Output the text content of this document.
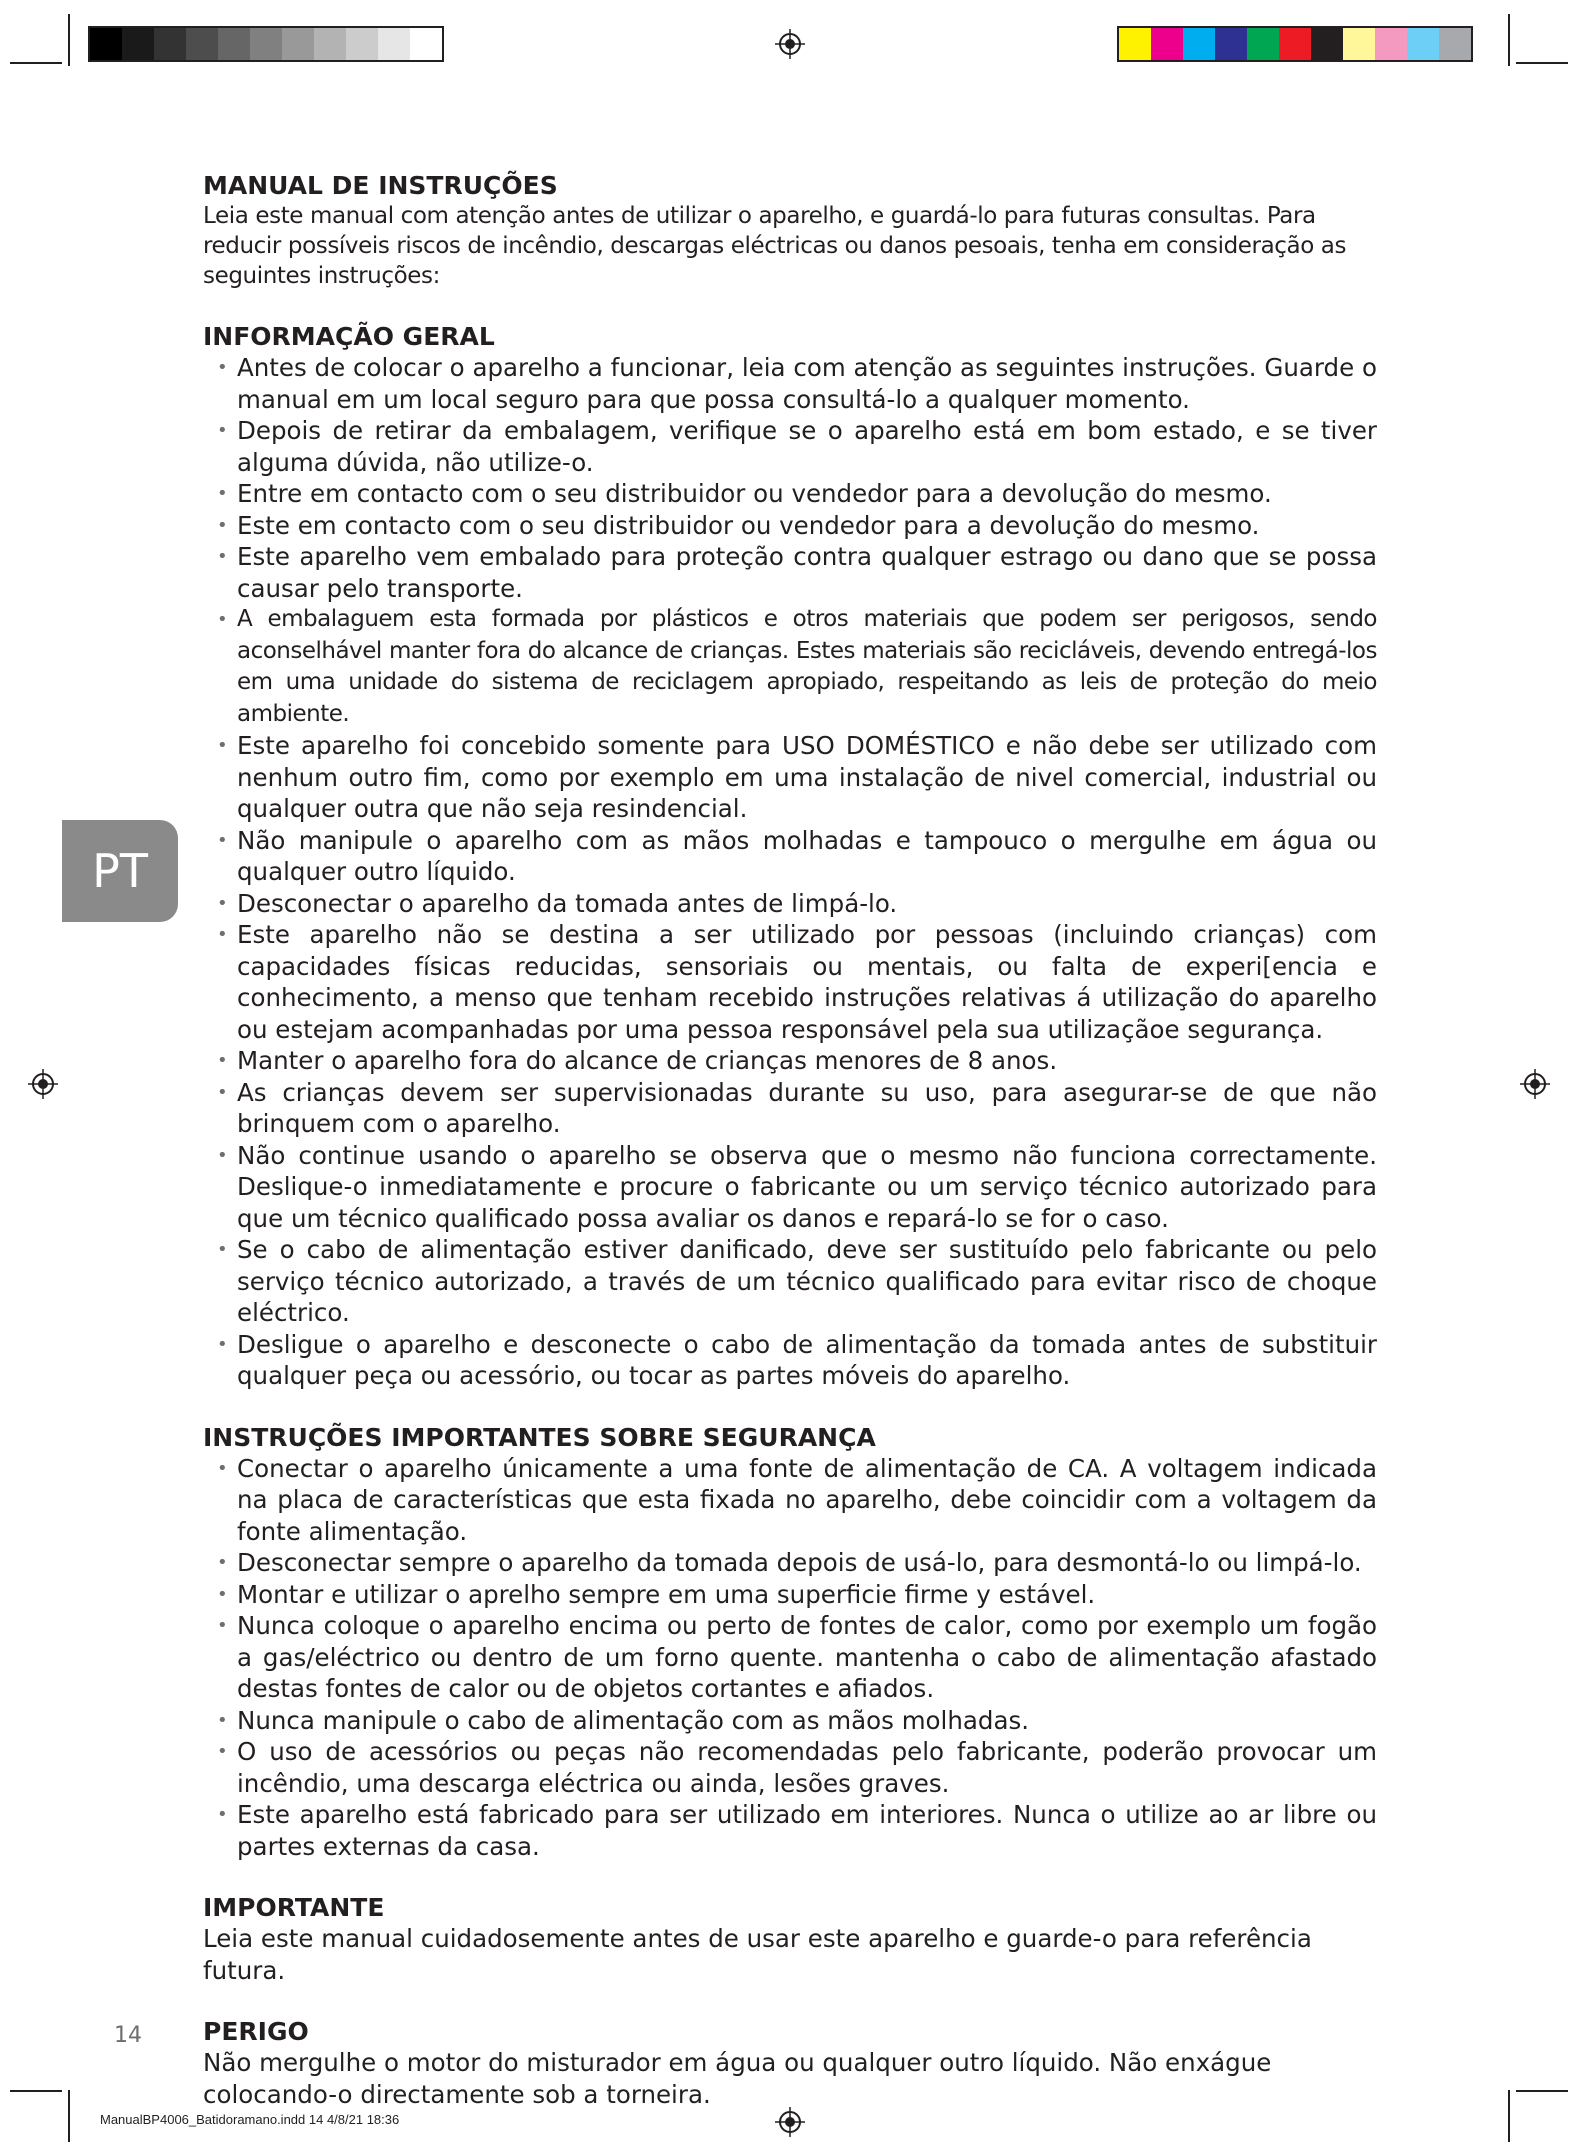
PT
MANUAL DE INSTRUÇÕES

Leia este manual com atenção antes de utilizar o aparelho, e guardá-lo para futuras consultas. Para reducir possíveis riscos de incêndio, descargas eléctricas ou danos pesoais, tenha em consideração as seguintes instruções:

INFORMAÇÃO GERAL
• Antes de colocar o aparelho a funcionar, leia com atenção as seguintes instruções. Guarde o manual em um local seguro para que possa consultá-lo a qualquer momento.
• Depois de retirar da embalagem, verifique se o aparelho está em bom estado, e se tiver alguma dúvida, não utilize-o.
• Entre em contacto com o seu distribuidor ou vendedor para a devolução do mesmo.
• Este em contacto com o seu distribuidor ou vendedor para a devolução do mesmo.
• Este aparelho vem embalado para proteção contra qualquer estrago ou dano que se possa causar pelo transporte.
• A embalaguem esta formada por plásticos e otros materiais que podem ser perigosos, sendo aconselhável manter fora do alcance de crianças. Estes materiais são recicláveis, devendo entregá-los em uma unidade do sistema de reciclagem apropiado, respeitando as leis de proteção do meio ambiente.
• Este aparelho foi concebido somente para USO DOMÉSTICO e não debe ser utilizado com nenhum outro fim, como por exemplo em uma instalação de nivel comercial, industrial ou qualquer outra que não seja resindencial.
• Não manipule o aparelho com as mãos molhadas e tampouco o mergulhe em água ou qualquer outro líquido.
• Desconectar o aparelho da tomada antes de limpá-lo.
• Este aparelho não se destina a ser utilizado por pessoas (incluindo crianças) com capacidades físicas reducidas, sensoriais ou mentais, ou falta de experi[encia e conhecimento, a menso que tenham recebido instruções relativas á utilização do aparelho ou estejam acompanhadas por uma pessoa responsável pela sua utilizaçãoe segurança.
• Manter o aparelho fora do alcance de crianças menores de 8 anos.
• As crianças devem ser supervisionadas durante su uso, para asegurar-se de que não brinquem com o aparelho.
• Não continue usando o aparelho se observa que o mesmo não funciona correctamente. Deslique-o inmediatamente e procure o fabricante ou um serviço técnico autorizado para que um técnico qualificado possa avaliar os danos e repará-lo se for o caso.
• Se o cabo de alimentação estiver danificado, deve ser sustituído pelo fabricante ou pelo serviço técnico autorizado, a través de um técnico qualificado para evitar risco de choque eléctrico.
• Desligue o aparelho e desconecte o cabo de alimentação da tomada antes de substituir qualquer peça ou acessório, ou tocar as partes móveis do aparelho.
INSTRUÇÕES IMPORTANTES SOBRE SEGURANÇA
• Conectar o aparelho únicamente a uma fonte de alimentação de CA. A voltagem indicada na placa de características que esta fixada no aparelho, debe coincidir com a voltagem da fonte alimentação.
• Desconectar sempre o aparelho da tomada depois de usá-lo, para desmontá-lo ou limpá-lo.
• Montar e utilizar o aprelho sempre em uma superficie firme y estável.
• Nunca coloque o aparelho encima ou perto de fontes de calor, como por exemplo um fogão a gas/eléctrico ou dentro de um forno quente. mantenha o cabo de alimentação afastado destas fontes de calor ou de objetos cortantes e afiados.
• Nunca manipule o cabo de alimentação com as mãos molhadas.
• O uso de acessórios ou peças não recomendadas pelo fabricante, poderão provocar um incêndio, uma descarga eléctrica ou ainda, lesões graves.
• Este aparelho está fabricado para ser utilizado em interiores. Nunca o utilize ao ar libre ou partes externas da casa.
IMPORTANTE

Leia este manual cuidadosemente antes de usar este aparelho e guarde-o para referência futura.

PERIGO

Não mergulhe o motor do misturador em água ou qualquer outro líquido. Não enxágue colocando-o directamente sob a torneira.

14
ManualBP4006_Batidoramano.indd 14 4/8/21 18:36
